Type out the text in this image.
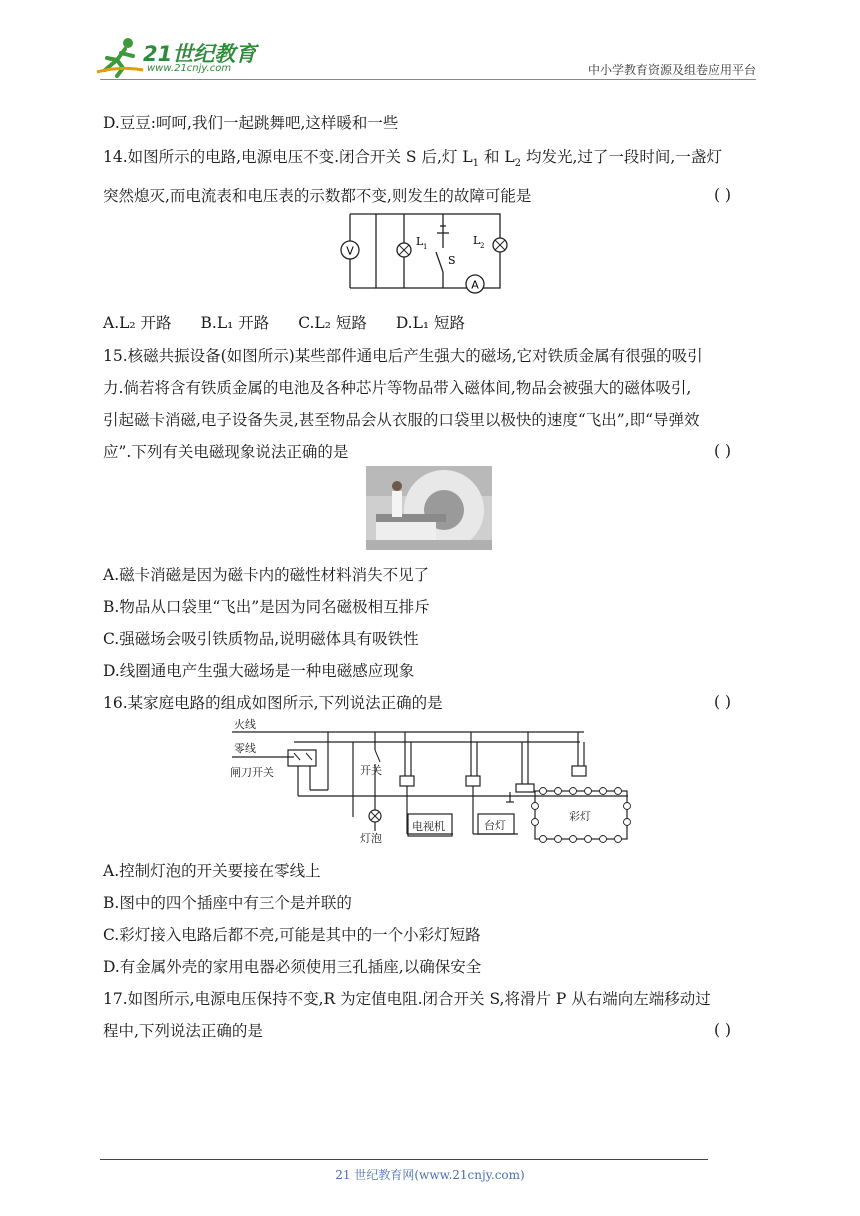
21世纪教育
www.21cnjy.com	中小学教育资源及组卷应用平台
D.豆豆:呵呵,我们一起跳舞吧,这样暖和一些
14.如图所示的电路,电源电压不变.闭合开关 S 后,灯 $L_1$ 和 $L_2$ 均发光,过了一段时间,一盏灯
突然熄灭,而电流表和电压表的示数都不变,则发生的故障可能是	( )
V
L 1
S
L 2
A
A.L₂ 开路 B.L₁ 开路 C.L₂ 短路 D.L₁ 短路
15.核磁共振设备(如图所示)某些部件通电后产生强大的磁场,它对铁质金属有很强的吸引
力.倘若将含有铁质金属的电池及各种芯片等物品带入磁体间,物品会被强大的磁体吸引,
引起磁卡消磁,电子设备失灵,甚至物品会从衣服的口袋里以极快的速度“飞出”,即“导弹效
应”.下列有关电磁现象说法正确的是	( )
A.磁卡消磁是因为磁卡内的磁性材料消失不见了
B.物品从口袋里“飞出”是因为同名磁极相互排斥
C.强磁场会吸引铁质物品,说明磁体具有吸铁性
D.线圈通电产生强大磁场是一种电磁感应现象
16.某家庭电路的组成如图所示,下列说法正确的是	( )
火线
零线
闸刀开关	开关
灯泡
电视机	台灯
彩灯
A.控制灯泡的开关要接在零线上
B.图中的四个插座中有三个是并联的
C.彩灯接入电路后都不亮,可能是其中的一个小彩灯短路
D.有金属外壳的家用电器必须使用三孔插座,以确保安全
17.如图所示,电源电压保持不变,R 为定值电阻.闭合开关 S,将滑片 P 从右端向左端移动过
程中,下列说法正确的是	( )
21 世纪教育网(www.21cnjy.com)
